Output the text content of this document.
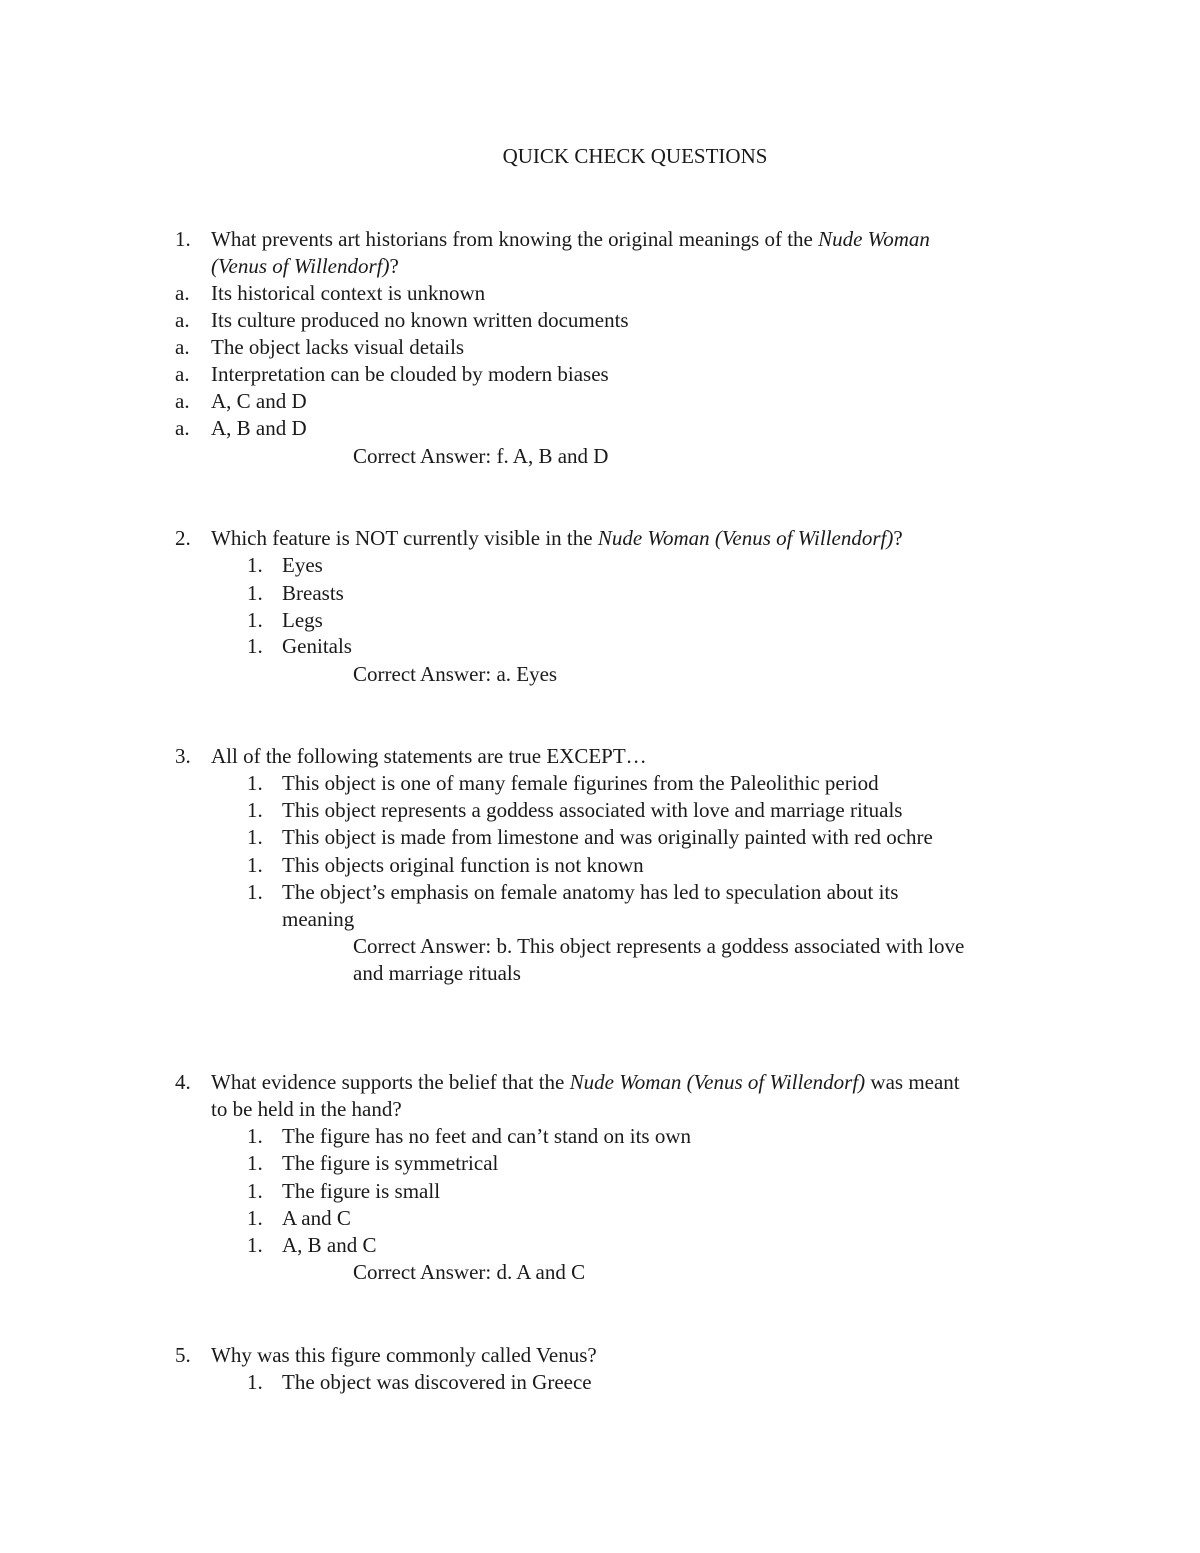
QUICK CHECK QUESTIONS
1. What prevents art historians from knowing the original meanings of the Nude Woman
(Venus of Willendorf)?
a. Its historical context is unknown
a. Its culture produced no known written documents
a. The object lacks visual details
a. Interpretation can be clouded by modern biases
a. A, C and D
a. A, B and D
Correct Answer: f. A, B and D
2. Which feature is NOT currently visible in the Nude Woman (Venus of Willendorf)?
1. Eyes
1. Breasts
1. Legs
1. Genitals
Correct Answer: a. Eyes
3. All of the following statements are true EXCEPT…
1. This object is one of many female figurines from the Paleolithic period
1. This object represents a goddess associated with love and marriage rituals
1. This object is made from limestone and was originally painted with red ochre
1. This objects original function is not known
1. The object’s emphasis on female anatomy has led to speculation about its
meaning
Correct Answer: b. This object represents a goddess associated with love
and marriage rituals
4. What evidence supports the belief that the Nude Woman (Venus of Willendorf) was meant
to be held in the hand?
1. The figure has no feet and can’t stand on its own
1. The figure is symmetrical
1. The figure is small
1. A and C
1. A, B and C
Correct Answer: d. A and C
5. Why was this figure commonly called Venus?
1. The object was discovered in Greece
